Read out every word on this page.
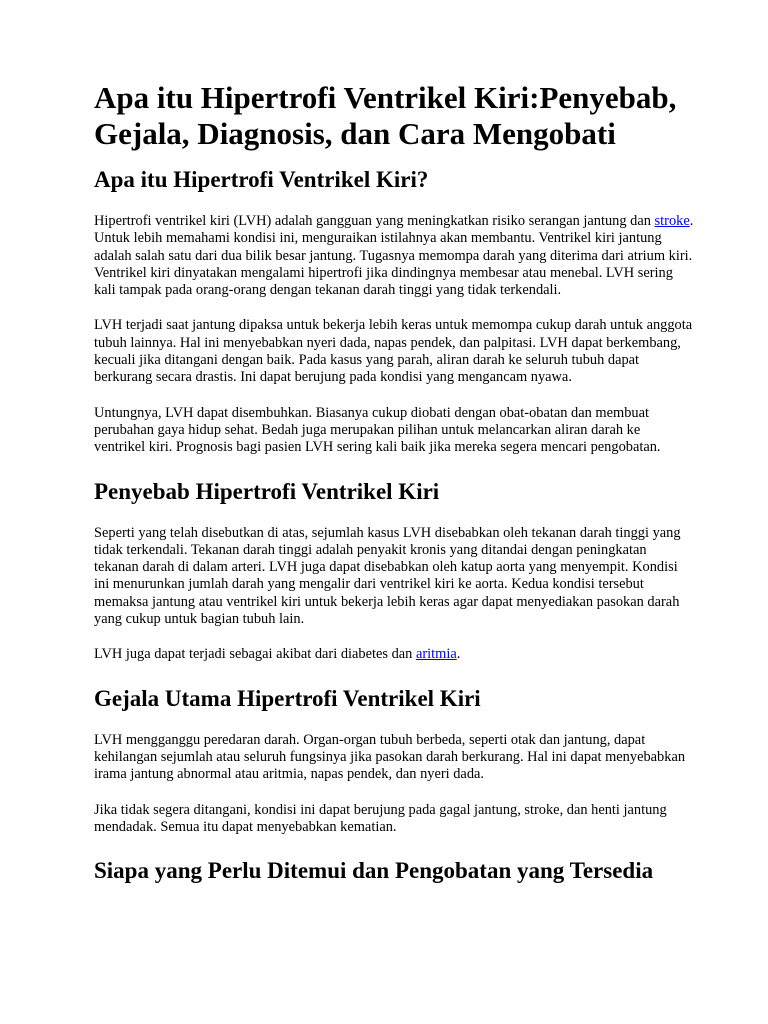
Apa itu Hipertrofi Ventrikel Kiri:Penyebab, Gejala, Diagnosis, dan Cara Mengobati
Apa itu Hipertrofi Ventrikel Kiri?

Hipertrofi ventrikel kiri (LVH) adalah gangguan yang meningkatkan risiko serangan jantung dan stroke. Untuk lebih memahami kondisi ini, menguraikan istilahnya akan membantu. Ventrikel kiri jantung adalah salah satu dari dua bilik besar jantung. Tugasnya memompa darah yang diterima dari atrium kiri. Ventrikel kiri dinyatakan mengalami hipertrofi jika dindingnya membesar atau menebal. LVH sering kali tampak pada orang-orang dengan tekanan darah tinggi yang tidak terkendali.

LVH terjadi saat jantung dipaksa untuk bekerja lebih keras untuk memompa cukup darah untuk anggota tubuh lainnya. Hal ini menyebabkan nyeri dada, napas pendek, dan palpitasi. LVH dapat berkembang, kecuali jika ditangani dengan baik. Pada kasus yang parah, aliran darah ke seluruh tubuh dapat berkurang secara drastis. Ini dapat berujung pada kondisi yang mengancam nyawa.

Untungnya, LVH dapat disembuhkan. Biasanya cukup diobati dengan obat-obatan dan membuat perubahan gaya hidup sehat. Bedah juga merupakan pilihan untuk melancarkan aliran darah ke ventrikel kiri. Prognosis bagi pasien LVH sering kali baik jika mereka segera mencari pengobatan.

Penyebab Hipertrofi Ventrikel Kiri

Seperti yang telah disebutkan di atas, sejumlah kasus LVH disebabkan oleh tekanan darah tinggi yang tidak terkendali. Tekanan darah tinggi adalah penyakit kronis yang ditandai dengan peningkatan tekanan darah di dalam arteri. LVH juga dapat disebabkan oleh katup aorta yang menyempit. Kondisi ini menurunkan jumlah darah yang mengalir dari ventrikel kiri ke aorta. Kedua kondisi tersebut memaksa jantung atau ventrikel kiri untuk bekerja lebih keras agar dapat menyediakan pasokan darah yang cukup untuk bagian tubuh lain.

LVH juga dapat terjadi sebagai akibat dari diabetes dan aritmia.

Gejala Utama Hipertrofi Ventrikel Kiri

LVH mengganggu peredaran darah. Organ-organ tubuh berbeda, seperti otak dan jantung, dapat kehilangan sejumlah atau seluruh fungsinya jika pasokan darah berkurang. Hal ini dapat menyebabkan irama jantung abnormal atau aritmia, napas pendek, dan nyeri dada.

Jika tidak segera ditangani, kondisi ini dapat berujung pada gagal jantung, stroke, dan henti jantung mendadak. Semua itu dapat menyebabkan kematian.

Siapa yang Perlu Ditemui dan Pengobatan yang Tersedia
